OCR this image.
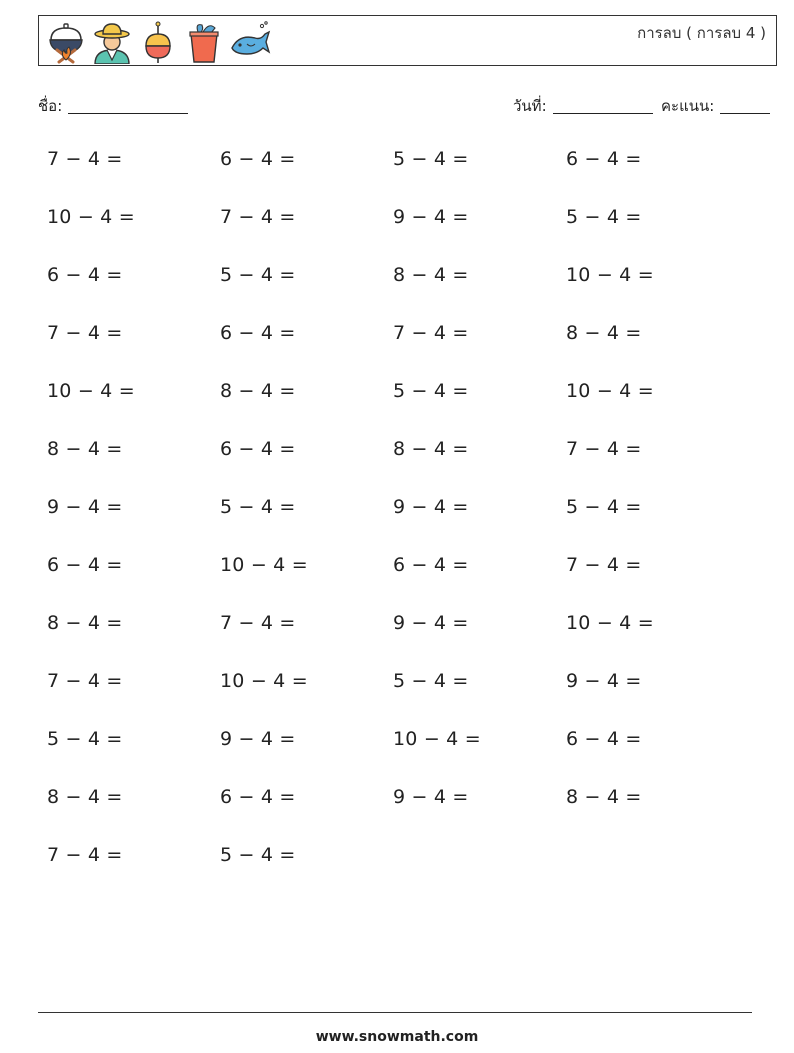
การลบ ( การลบ 4 )
ชื่อ:	วันที่:	คะแนน:
7 − 4 =	6 − 4 =	5 − 4 =	6 − 4 =
10 − 4 =	7 − 4 =	9 − 4 =	5 − 4 =
6 − 4 =	5 − 4 =	8 − 4 =	10 − 4 =
7 − 4 =	6 − 4 =	7 − 4 =	8 − 4 =
10 − 4 =	8 − 4 =	5 − 4 =	10 − 4 =
8 − 4 =	6 − 4 =	8 − 4 =	7 − 4 =
9 − 4 =	5 − 4 =	9 − 4 =	5 − 4 =
6 − 4 =	10 − 4 =	6 − 4 =	7 − 4 =
8 − 4 =	7 − 4 =	9 − 4 =	10 − 4 =
7 − 4 =	10 − 4 =	5 − 4 =	9 − 4 =
5 − 4 =	9 − 4 =	10 − 4 =	6 − 4 =
8 − 4 =	6 − 4 =	9 − 4 =	8 − 4 =
7 − 4 =	5 − 4 =
www.snowmath.com
